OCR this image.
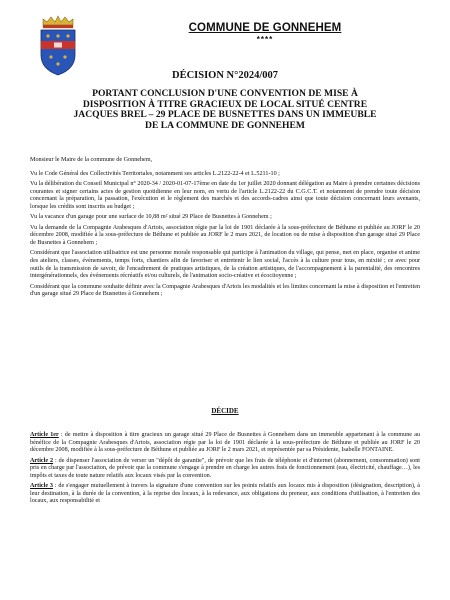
COMMUNE DE GONNEHEM
****
DÉCISION N°2024/007
PORTANT CONCLUSION D'UNE CONVENTION DE MISE À
DISPOSITION À TITRE GRACIEUX DE LOCAL SITUÉ CENTRE
JACQUES BREL – 29 PLACE DE BUSNETTES DANS UN IMMEUBLE
DE LA COMMUNE DE GONNEHEM

Monsieur le Maire de la commune de Gonnehem,

Vu le Code Général des Collectivités Territoriales, notamment ses articles L.2122-22-4 et L.5211-10 ;

Vu la délibération du Conseil Municipal n° 2020-34 / 2020-01-07-17ème en date du 1er juillet 2020 donnant délégation au Maire à prendre certaines décisions courantes et signer certains actes de gestion quotidienne en leur nom, en vertu de l'article L.2122-22 du C.G.C.T. et notamment de prendre toute décision concernant la préparation, la passation, l'exécution et le règlement des marchés et des accords-cadres ainsi que toute décision concernant leurs avenants, lorsque les crédits sont inscrits au budget ;

Vu la vacance d'un garage pour une surface de 10,88 m² situé 29 Place de Busnettes à Gonnehem ;

Vu la demande de la Compagnie Arabesques d'Artois, association régie par la loi de 1901 déclarée à la sous-préfecture de Béthune et publiée au JORF le 20 décembre 2008, modifiée à la sous-préfecture de Béthune et publiée au JORF le 2 mars 2021, de location ou de mise à disposition d'un garage situé 29 Place de Busnettes à Gonnehem ;

Considérant que l'association utilisatrice est une personne morale responsable qui participe à l'animation du village, qui pense, met en place, organise et anime des ateliers, classes, évènements, temps forts, chantiers afin de favoriser et entretenir le lien social, l'accès à la culture pour tous, en mixité ; ce avec pour outils de la transmission de savoir, de l'encadrement de pratiques artistiques, de la création artistiques, de l'accompagnement à la parentalité, des rencontres intergénérationnels, des événements récréatifs et/ou culturels, de l'animation socio-créative et écocitoyenne ;

Considérant que la commune souhaite définir avec la Compagnie Arabesques d'Artois les modalités et les limites concernant la mise à disposition et l'entretien d'un garage situé 29 Place de Busnettes à Gonnehem ;

DÉCIDE

Article 1er : de mettre à disposition à titre gracieux un garage situé 29 Place de Busnettes à Gonnehem dans un immeuble appartenant à la commune au bénéfice de la Compagnie Arabesques d'Artois, association régie par la loi de 1901 déclarée à la sous-préfecture de Béthune et publiée au JORF le 20 décembre 2008, modifiée à la sous-préfecture de Béthune et publiée au JORF le 2 mars 2021, et représentée par sa Présidente, Isabelle FONTAINE.

Article 2 : de dispenser l'association de verser un "dépôt de garantie", de prévoir que les frais de téléphonie et d'internet (abonnement, consommation) sont pris en charge par l'association, de prévoir que la commune s'engage à prendre en charge les autres frais de fonctionnement (eau, électricité, chauffage…), les impôts et taxes de toute nature relatifs aux locaux visés par la convention.

Article 3 : de s'engager mutuellement à travers la signature d'une convention sur les points relatifs aux locaux mis à disposition (désignation, description), à leur destination, à la durée de la convention, à la reprise des locaux, à la redevance, aux obligations du preneur, aux conditions d'utilisation, à l'entretien des locaux, aux responsabilité et
